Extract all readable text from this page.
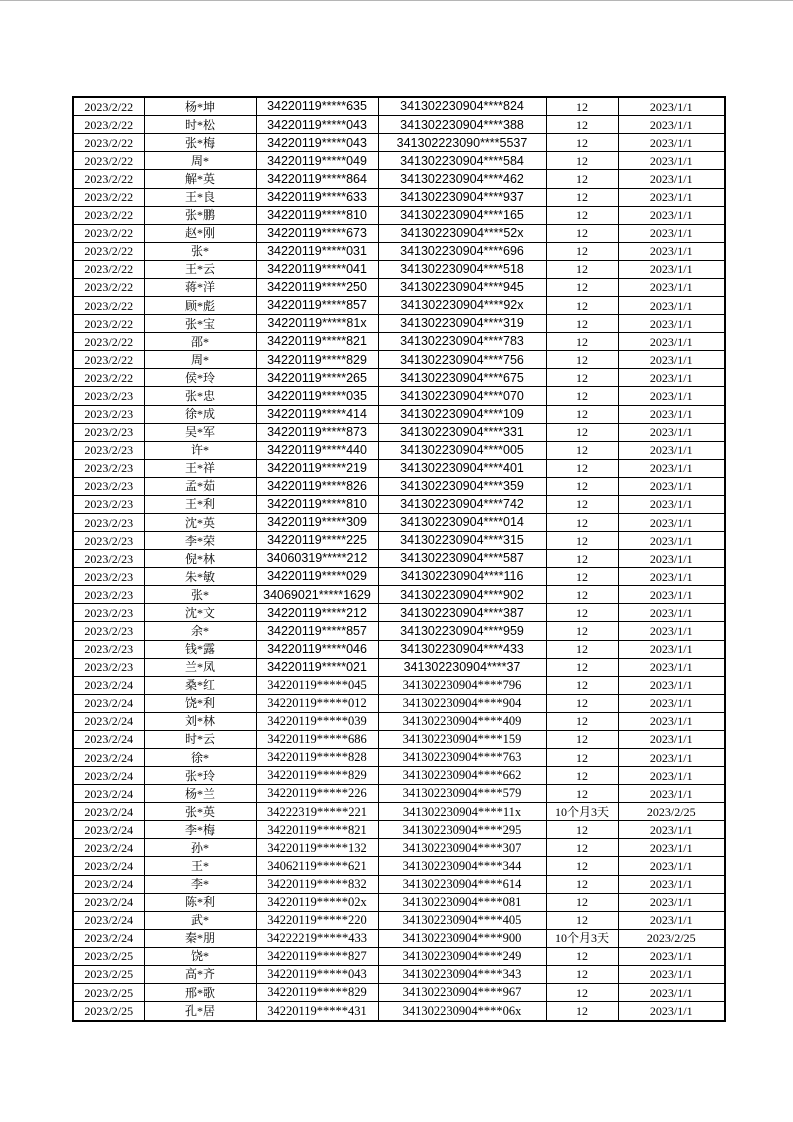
2023/2/22	杨*坤	34220119*****635	341302230904****824	12	2023/1/1
2023/2/22	时*松	34220119*****043	341302230904****388	12	2023/1/1
2023/2/22	张*梅	34220119*****043	341302223090****5537	12	2023/1/1
2023/2/22	周*	34220119*****049	341302230904****584	12	2023/1/1
2023/2/22	解*英	34220119*****864	341302230904****462	12	2023/1/1
2023/2/22	王*良	34220119*****633	341302230904****937	12	2023/1/1
2023/2/22	张*鹏	34220119*****810	341302230904****165	12	2023/1/1
2023/2/22	赵*刚	34220119*****673	341302230904****52x	12	2023/1/1
2023/2/22	张*	34220119*****031	341302230904****696	12	2023/1/1
2023/2/22	王*云	34220119*****041	341302230904****518	12	2023/1/1
2023/2/22	蒋*洋	34220119*****250	341302230904****945	12	2023/1/1
2023/2/22	顾*彪	34220119*****857	341302230904****92x	12	2023/1/1
2023/2/22	张*宝	34220119*****81x	341302230904****319	12	2023/1/1
2023/2/22	邵*	34220119*****821	341302230904****783	12	2023/1/1
2023/2/22	周*	34220119*****829	341302230904****756	12	2023/1/1
2023/2/22	侯*玲	34220119*****265	341302230904****675	12	2023/1/1
2023/2/23	张*忠	34220119*****035	341302230904****070	12	2023/1/1
2023/2/23	徐*成	34220119*****414	341302230904****109	12	2023/1/1
2023/2/23	吴*军	34220119*****873	341302230904****331	12	2023/1/1
2023/2/23	许*	34220119*****440	341302230904****005	12	2023/1/1
2023/2/23	王*祥	34220119*****219	341302230904****401	12	2023/1/1
2023/2/23	孟*茹	34220119*****826	341302230904****359	12	2023/1/1
2023/2/23	王*利	34220119*****810	341302230904****742	12	2023/1/1
2023/2/23	沈*英	34220119*****309	341302230904****014	12	2023/1/1
2023/2/23	李*荣	34220119*****225	341302230904****315	12	2023/1/1
2023/2/23	倪*林	34060319*****212	341302230904****587	12	2023/1/1
2023/2/23	朱*敏	34220119*****029	341302230904****116	12	2023/1/1
2023/2/23	张*	34069021*****1629	341302230904****902	12	2023/1/1
2023/2/23	沈*文	34220119*****212	341302230904****387	12	2023/1/1
2023/2/23	余*	34220119*****857	341302230904****959	12	2023/1/1
2023/2/23	钱*露	34220119*****046	341302230904****433	12	2023/1/1
2023/2/23	兰*凤	34220119*****021	341302230904****37	12	2023/1/1
2023/2/24	桑*红	34220119*****045	341302230904****796	12	2023/1/1
2023/2/24	饶*利	34220119*****012	341302230904****904	12	2023/1/1
2023/2/24	刘*林	34220119*****039	341302230904****409	12	2023/1/1
2023/2/24	时*云	34220119*****686	341302230904****159	12	2023/1/1
2023/2/24	徐*	34220119*****828	341302230904****763	12	2023/1/1
2023/2/24	张*玲	34220119*****829	341302230904****662	12	2023/1/1
2023/2/24	杨*兰	34220119*****226	341302230904****579	12	2023/1/1
2023/2/24	张*英	34222319*****221	341302230904****11x	10个月3天	2023/2/25
2023/2/24	李*梅	34220119*****821	341302230904****295	12	2023/1/1
2023/2/24	孙*	34220119*****132	341302230904****307	12	2023/1/1
2023/2/24	王*	34062119*****621	341302230904****344	12	2023/1/1
2023/2/24	李*	34220119*****832	341302230904****614	12	2023/1/1
2023/2/24	陈*利	34220119*****02x	341302230904****081	12	2023/1/1
2023/2/24	武*	34220119*****220	341302230904****405	12	2023/1/1
2023/2/24	秦*朋	34222219*****433	341302230904****900	10个月3天	2023/2/25
2023/2/25	饶*	34220119*****827	341302230904****249	12	2023/1/1
2023/2/25	高*齐	34220119*****043	341302230904****343	12	2023/1/1
2023/2/25	邢*歌	34220119*****829	341302230904****967	12	2023/1/1
2023/2/25	孔*居	34220119*****431	341302230904****06x	12	2023/1/1
